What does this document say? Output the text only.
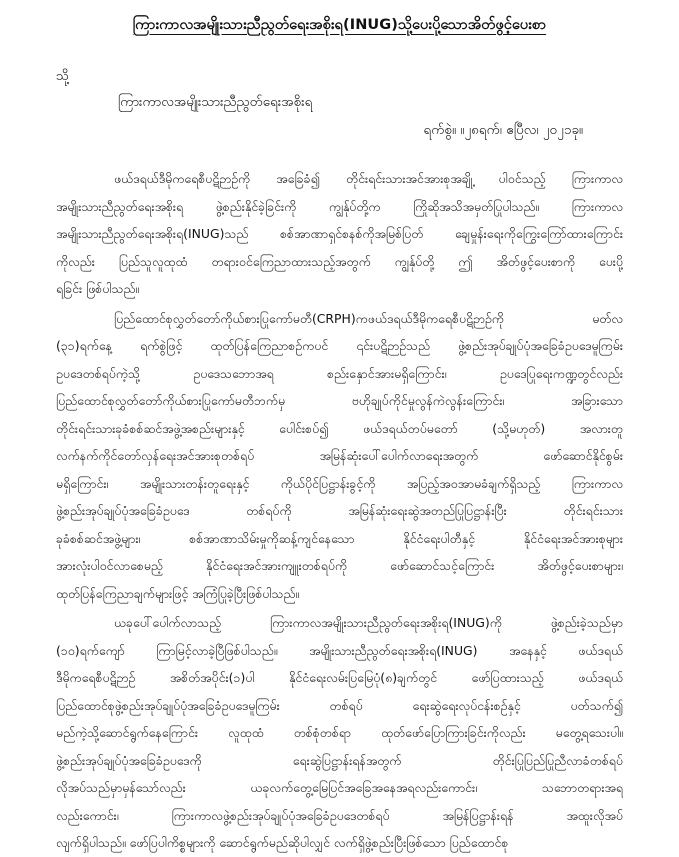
ကြားကာလအမျိုးသားညီညွတ်ရေးအစိုးရ(INUG)သို့ပေးပို့သောအိတ်ဖွင့်ပေးစာ
သို့
ကြားကာလအမျိုးသားညီညွတ်ရေးအစိုးရ
ရက်စွဲ။ ။၂၈ရက်၊ ဧပြီလ၊ ၂၀၂၁ခု။
ဖယ်ဒရယ်ဒီမိုကရေစီပဋိဉာဉ်ကို အခြေခံ၍ တိုင်းရင်းသားအင်အားစုအချို့ ပါဝင်သည့် ကြားကာလ
အမျိုးသားညီညွတ်ရေးအစိုးရ ဖွဲ့စည်းနိုင်ခဲ့ခြင်းကို ကျွန်ုပ်တို့က ကြိုဆိုအသိအမှတ်ပြုပါသည်။ ကြားကာလ
အမျိုးသားညီညွတ်ရေးအစိုးရ(INUG)သည် စစ်အာဏာရှင်စနစ်ကိုအမြစ်ပြတ် ချေမှုန်းရေးကိုကြွေးကြော်ထားကြောင်း
ကိုလည်း ပြည်သူလူထုထံ တရားဝင်ကြေညာထားသည့်အတွက် ကျွန်ုပ်တို့ ဤ အိတ်ဖွင့်ပေးစာကို ပေးပို့
ရခြင်း ဖြစ်ပါသည်။
ပြည်ထောင်စုလွှတ်တော်ကိုယ်စားပြုကော်မတီ(CRPH)ကဖယ်ဒရယ်ဒီမိုကရေစီပဋိဉာဉ်ကို မတ်လ
(၃၁)ရက်နေ့ ရက်စွဲဖြင့် ထုတ်ပြန်ကြေညာစဉ်ကပင် ၎င်းပဋိဉာဉ်သည် ဖွဲ့စည်းအုပ်ချုပ်ပုံအခြေခံဥပဒေမူကြမ်း
ဥပဒေတစ်ရပ်ကဲ့သို့ ဥပဒေသဘောအရ စည်းနှောင်အားမရှိကြောင်း၊ ဥပဒေပြုရေးကဏ္ဍတွင်လည်း
ပြည်ထောင်စုလွှတ်တော်ကိုယ်စားပြုကော်မတီဘက်မှ ဗဟိုချုပ်ကိုင်မှုလွန်ကဲလွန်းကြောင်း၊ အခြားသော
တိုင်းရင်းသားခုခံစစ်ဆင်အဖွဲ့အစည်းများနှင့် ပေါင်းစပ်၍ ဖယ်ဒရယ်တပ်မတော် (သို့မဟုတ်) အလားတူ
လက်နက်ကိုင်တော်လှန်ရေးအင်အားစုတစ်ရပ် အမြန်ဆုံးပေါ်ပေါက်လာရေးအတွက် ဖော်ဆောင်နိုင်စွမ်း
မရှိကြောင်း၊ အမျိုးသားတန်းတူရေးနှင့် ကိုယ်ပိုင်ပြဋ္ဌာန်းခွင့်ကို အပြည့်အဝအာမခံချက်ရှိသည့် ကြားကာလ
ဖွဲ့စည်းအုပ်ချုပ်ပုံအခြေခံဥပဒေ တစ်ရပ်ကို အမြန်ဆုံးရေးဆွဲအတည်ပြုပြဋ္ဌာန်းပြီး တိုင်းရင်းသား
ခုခံစစ်ဆင်အဖွဲ့များ၊ စစ်အာဏာသိမ်းမှုကိုဆန့်ကျင်နေသော နိုင်ငံရေးပါတီနှင့် နိုင်ငံရေးအင်အားစုများ
အားလုံးပါဝင်လာစေမည့် နိုင်ငံရေးအင်အားကျူးတစ်ရပ်ကို ဖော်ဆောင်သင့်ကြောင်း အိတ်ဖွင့်ပေးစာများ၊
ထုတ်ပြန်ကြေညာချက်များဖြင့် အကြံပြုခဲ့ပြီးဖြစ်ပါသည်။
ယခုပေါ်ပေါက်လာသည့် ကြားကာလအမျိုးသားညီညွတ်ရေးအစိုးရ(INUG)ကို ဖွဲ့စည်းခဲ့သည်မှာ
(၁၀)ရက်ကျော် ကြာမြင့်လာခဲ့ပြီဖြစ်ပါသည်။ အမျိုးသားညီညွတ်ရေးအစိုးရ(INUG) အနေနှင့် ဖယ်ဒရယ်
ဒီမိုကရေစီပဋိဉာဉ် အစိတ်အပိုင်း(၁)ပါ နိုင်ငံရေးလမ်းပြမြေပုံ(၈)ချက်တွင် ဖော်ပြထားသည့် ဖယ်ဒရယ်
ပြည်ထောင်စုဖွဲ့စည်းအုပ်ချုပ်ပုံအခြေခံဥပဒေမူကြမ်း တစ်ရပ် ရေးဆွဲရေးလုပ်ငန်းစဉ်နှင့် ပတ်သက်၍
မည်ကဲ့သို့ဆောင်ရွက်နေကြောင်း လူထုထံ တစ်စုံတစ်ရာ ထုတ်ဖော်ပြောကြားခြင်းကိုလည်း မတွေ့ရသေးပါ။
ဖွဲ့စည်းအုပ်ချုပ်ပုံအခြေခံဥပဒေကို ရေးဆွဲပြဋ္ဌာန်းရန်အတွက် တိုင်းပြုပြည်ပြုညီလာခံတစ်ရပ်
လိုအပ်သည်မှာမှန်သော်လည်း ယခုလက်တွေ့မြေပြင်အခြေအနေအရလည်းကောင်း၊ သဘောတရားအရ
လည်းကောင်း၊ ကြားကာလဖွဲ့စည်းအုပ်ချုပ်ပုံအခြေခံဥပဒေတစ်ရပ် အမြန်ပြဋ္ဌာန်းရန် အထူးလိုအပ်
လျက်ရှိပါသည်။ ဖော်ပြပါကိစ္စများကို ဆောင်ရွက်မည်ဆိုပါလျှင် လက်ရှိဖွဲ့စည်းပြီးဖြစ်သော ပြည်ထောင်စု
